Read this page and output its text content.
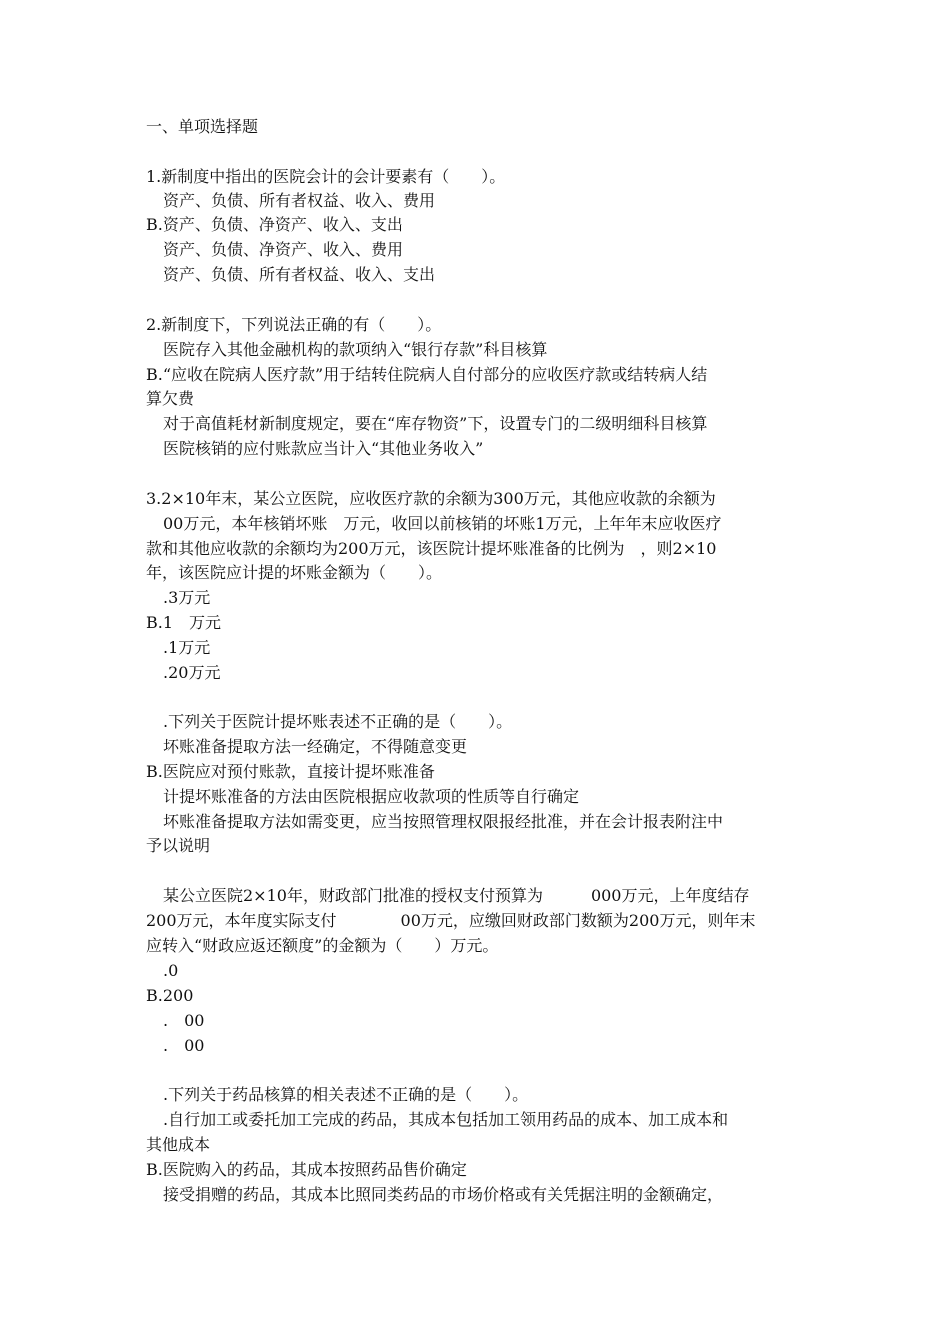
一、单项选择题
1.新制度中指出的医院会计的会计要素有（　　）。
资产、负债、所有者权益、收入、费用
B.资产、负债、净资产、收入、支出
资产、负债、净资产、收入、费用
资产、负债、所有者权益、收入、支出
2.新制度下，下列说法正确的有（　　）。
医院存入其他金融机构的款项纳入“银行存款”科目核算
B.“应收在院病人医疗款”用于结转住院病人自付部分的应收医疗款或结转病人结
算欠费
对于高值耗材新制度规定，要在“库存物资”下，设置专门的二级明细科目核算
医院核销的应付账款应当计入“其他业务收入”
3.2×10年末，某公立医院，应收医疗款的余额为300万元，其他应收款的余额为
00万元，本年核销坏账　万元，收回以前核销的坏账1万元，上年年末应收医疗
款和其他应收款的余额均为200万元，该医院计提坏账准备的比例为　，则2×10
年，该医院应计提的坏账金额为（　　）。
.3万元
B.1　万元
.1万元
.20万元
.下列关于医院计提坏账表述不正确的是（　　）。
坏账准备提取方法一经确定，不得随意变更
B.医院应对预付账款，直接计提坏账准备
计提坏账准备的方法由医院根据应收款项的性质等自行确定
坏账准备提取方法如需变更，应当按照管理权限报经批准，并在会计报表附注中
予以说明
某公立医院2×10年，财政部门批准的授权支付预算为　　　000万元，上年度结存
200万元，本年度实际支付　　　　00万元，应缴回财政部门数额为200万元，则年末
应转入“财政应返还额度”的金额为（　　）万元。
.0
B.200
.　00
.　00
.下列关于药品核算的相关表述不正确的是（　　）。
.自行加工或委托加工完成的药品，其成本包括加工领用药品的成本、加工成本和
其他成本
B.医院购入的药品，其成本按照药品售价确定
接受捐赠的药品，其成本比照同类药品的市场价格或有关凭据注明的金额确定，
